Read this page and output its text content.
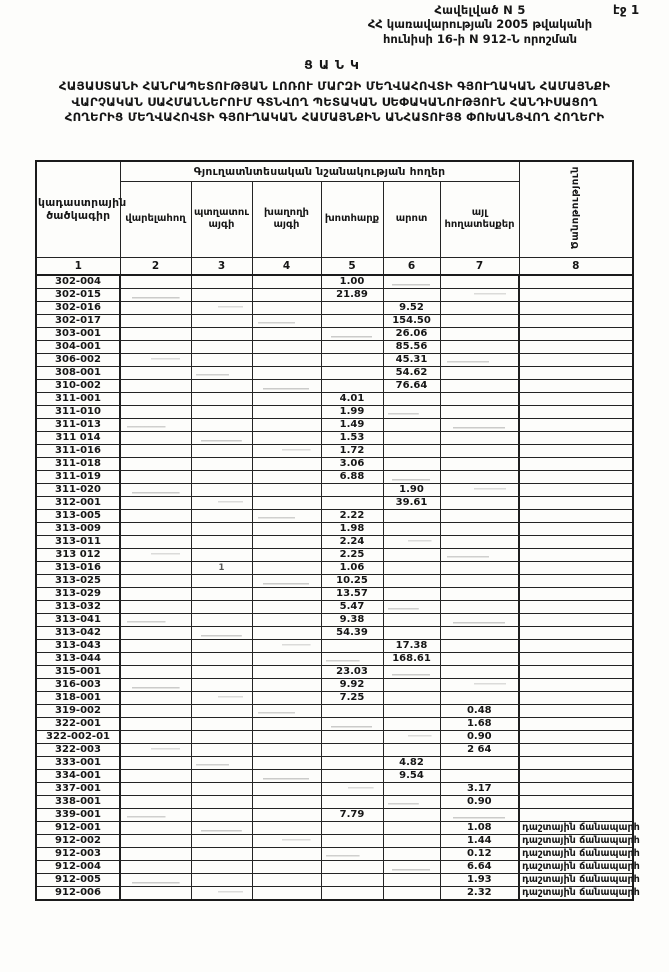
Հավելված N 5
ՀՀ կառավարության 2005 թվականի
հունիսի 16-ի N 912-Ն որոշման
էջ 1
ՑԱՆԿ
ՀԱՅԱՍՏԱՆԻ ՀԱՆՐԱՊԵՏՈՒԹՅԱՆ ԼՈՌՈՒ ՄԱՐԶԻ ՄԵՂՎԱՀՈՎՏԻ ԳՅՈՒՂԱԿԱՆ ՀԱՄԱՅՆՔԻ
ՎԱՐՉԱԿԱՆ ՍԱՀՄԱՆՆԵՐՈՒՄ ԳՏՆՎՈՂ ՊԵՏԱԿԱՆ ՍԵՓԱԿԱՆՈՒԹՅՈՒՆ ՀԱՆԴԻՍԱՑՈՂ
ՀՈՂԵՐԻՑ ՄԵՂՎԱՀՈՎՏԻ ԳՅՈՒՂԱԿԱՆ ՀԱՄԱՅՆՔԻՆ ԱՆՀԱՏՈՒՅՑ ՓՈԽԱՆՑՎՈՂ ՀՈՂԵՐԻ
կադաստրային ծածկագիր	Գյուղատնտեսական նշանակության հողեր						Ծանոթություն
	վարելահող	պտղատու այգի	խաղողի այգի	խոտհարք	արոտ	այլ հողատեսքեր	
1	2	3	4	5	6	7	8
302-004				1.00			
302-015				21.89			
302-016					9.52		
302-017					154.50		
303-001					26.06		
304-001					85.56		
306-002					45.31		
308-001					54.62		
310-002					76.64		
311-001				4.01			
311-010				1.99			
311-013				1.49			
311 014				1.53			
311-016				1.72			
311-018				3.06			
311-019				6.88			
311-020					1.90		
312-001					39.61		
313-005				2.22			
313-009				1.98			
313-011				2.24			
313 012				2.25			
313-016		1		1.06			
313-025				10.25			
313-029				13.57			
313-032				5.47			
313-041				9.38			
313-042				54.39			
313-043					17.38		
313-044					168.61		
315-001				23.03			
316-003				9.92			
318-001				7.25			
319-002						0.48	
322-001						1.68	
322-002-01						0.90	
322-003						2 64	
333-001					4.82		
334-001					9.54		
337-001						3.17	
338-001						0.90	
339-001				7.79			
912-001						1.08	դաշտային ճանապարհ
912-002						1.44	դաշտային ճանապարհ
912-003						0.12	դաշտային ճանապարհ
912-004						6.64	դաշտային ճանապարհ
912-005						1.93	դաշտային ճանապարհ
912-006						2.32	դաշտային ճանապարհ
